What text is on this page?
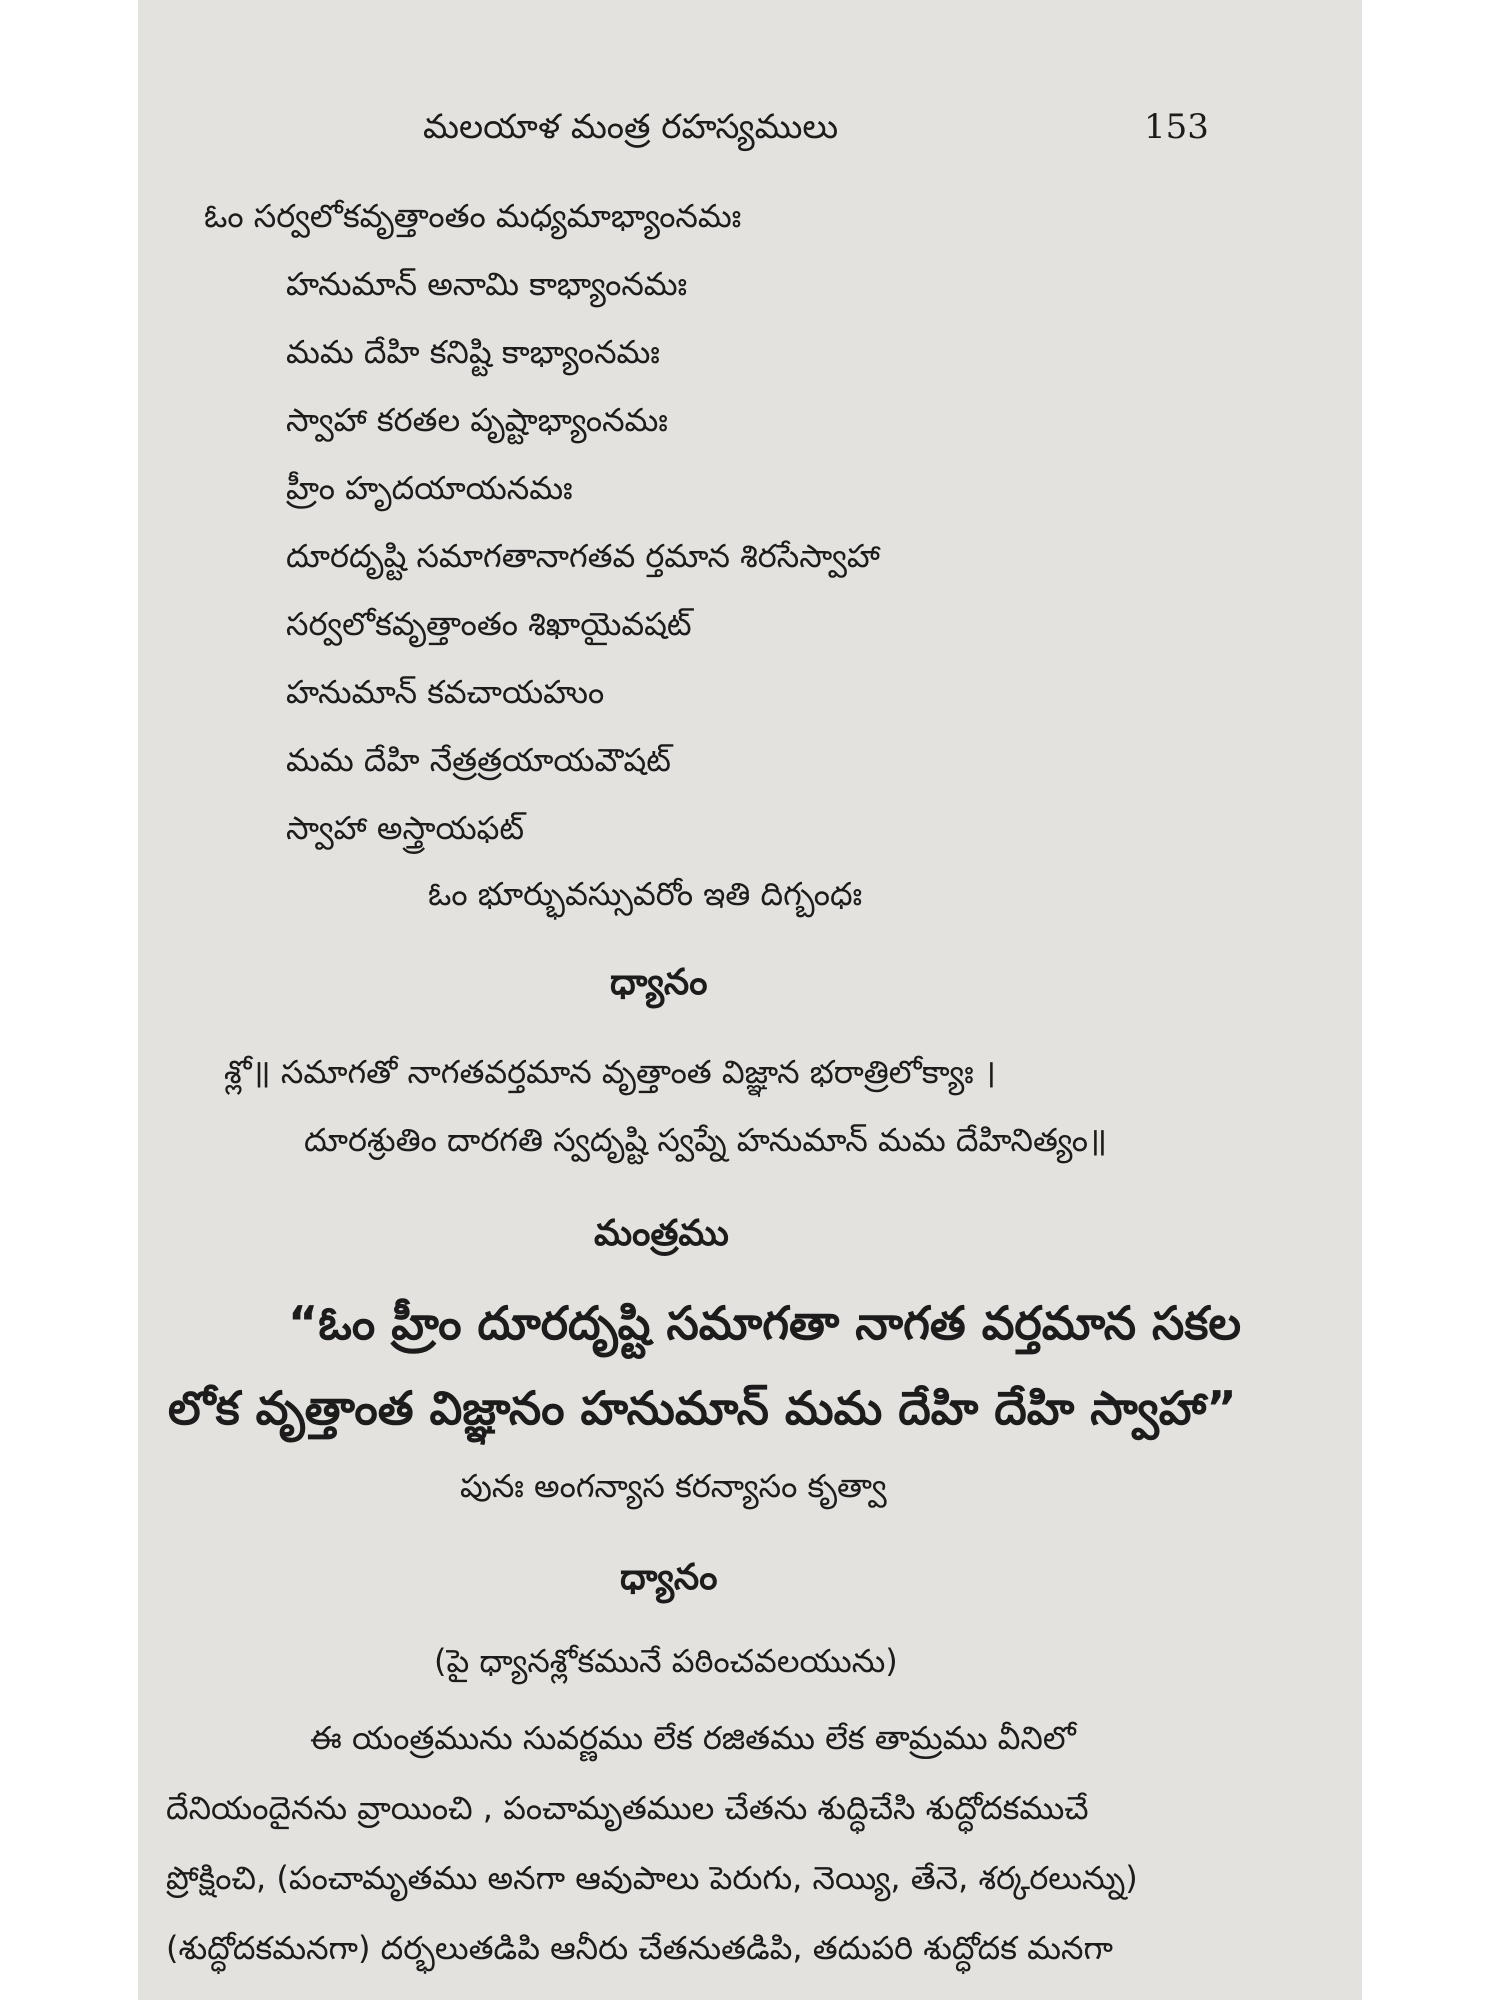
మలయాళ మంత్ర రహస్యములు	153
ఓం సర్వలోకవృత్తాంతం మధ్యమాభ్యాంనమః
హనుమాన్ అనామి కాభ్యాంనమః
మమ దేహి కనిష్టి కాభ్యాంనమః
స్వాహా కరతల పృష్టాభ్యాంనమః
హ్రీం హృదయాయనమః
దూరదృష్టి సమాగతానాగతవ ర్తమాన శిరసేస్వాహా
సర్వలోకవృత్తాంతం శిఖాయైవషట్
హనుమాన్ కవచాయహుం
మమ దేహి నేత్రత్రయాయవౌషట్
స్వాహా అస్త్రాయఫట్
ఓం భూర్భువస్సువరోం ఇతి దిగ్బంధః
ధ్యానం
శ్లో॥ సమాగతో నాగతవర్తమాన వృత్తాంత విజ్ఞాన భరాత్రిలోక్యాః ।
దూరశ్రుతిం దారగతి స్వదృష్టి స్వప్నే హనుమాన్ మమ దేహినిత్యం॥
మంత్రము
“ఓం హ్రీం దూరదృష్టి సమాగతా నాగత వర్తమాన సకల
లోక వృత్తాంత విజ్ఞానం హనుమాన్ మమ దేహి దేహి స్వాహా”
పునః అంగన్యాస కరన్యాసం కృత్వా
ధ్యానం
(పై ధ్యానశ్లోకమునే పఠించవలయును)
ఈ యంత్రమును సువర్ణము లేక రజితము లేక తామ్రము వీనిలో
దేనియందైనను వ్రాయించి , పంచామృతముల చేతను శుద్ధిచేసి శుద్ధోదకముచే
ప్రోక్షించి, (పంచామృతము అనగా ఆవుపాలు పెరుగు, నెయ్యి, తేనె, శర్కరలున్ను)
(శుద్ధోదకమనగా) దర్భలుతడిపి ఆనీరు చేతనుతడిపి, తదుపరి శుద్ధోదక మనగా
